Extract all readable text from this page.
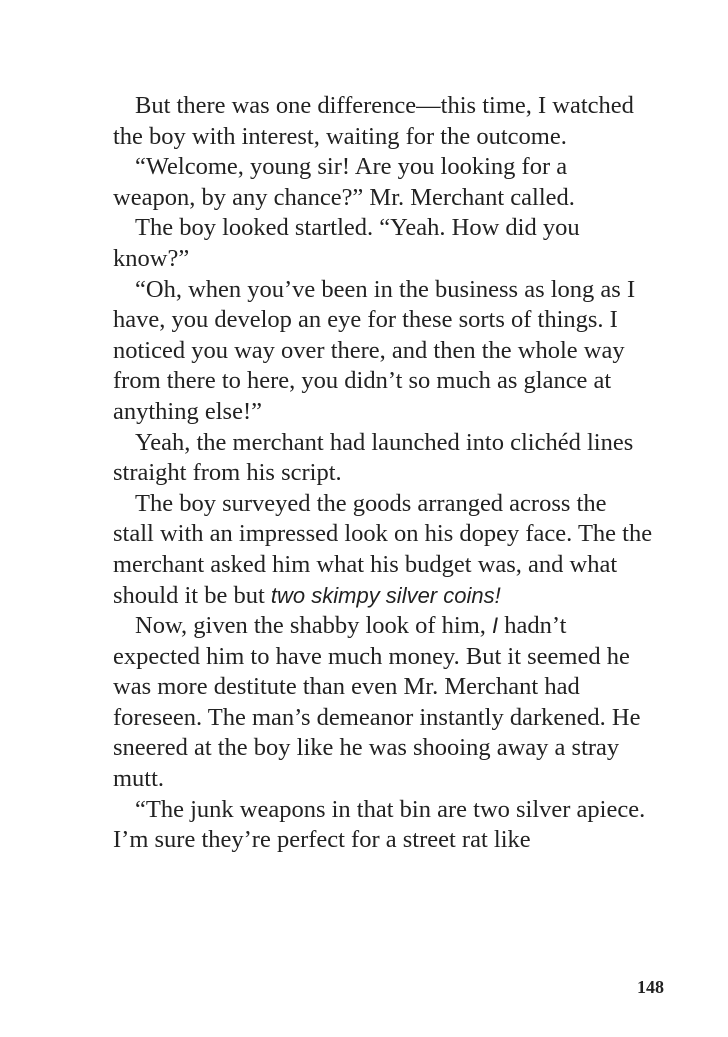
But there was one difference—this time, I watched the boy with interest, waiting for the outcome.

“Welcome, young sir! Are you looking for a weapon, by any chance?” Mr. Merchant called.

The boy looked startled. “Yeah. How did you know?”

“Oh, when you’ve been in the business as long as I have, you develop an eye for these sorts of things. I noticed you way over there, and then the whole way from there to here, you didn’t so much as glance at anything else!”

Yeah, the merchant had launched into clichéd lines straight from his script.

The boy surveyed the goods arranged across the stall with an impressed look on his dopey face. The the merchant asked him what his budget was, and what should it be but two skimpy silver coins!

Now, given the shabby look of him, I hadn’t expected him to have much money. But it seemed he was more destitute than even Mr. Merchant had foreseen. The man’s demeanor instantly darkened. He sneered at the boy like he was shooing away a stray mutt.

“The junk weapons in that bin are two silver apiece. I’m sure they’re perfect for a street rat like

148
